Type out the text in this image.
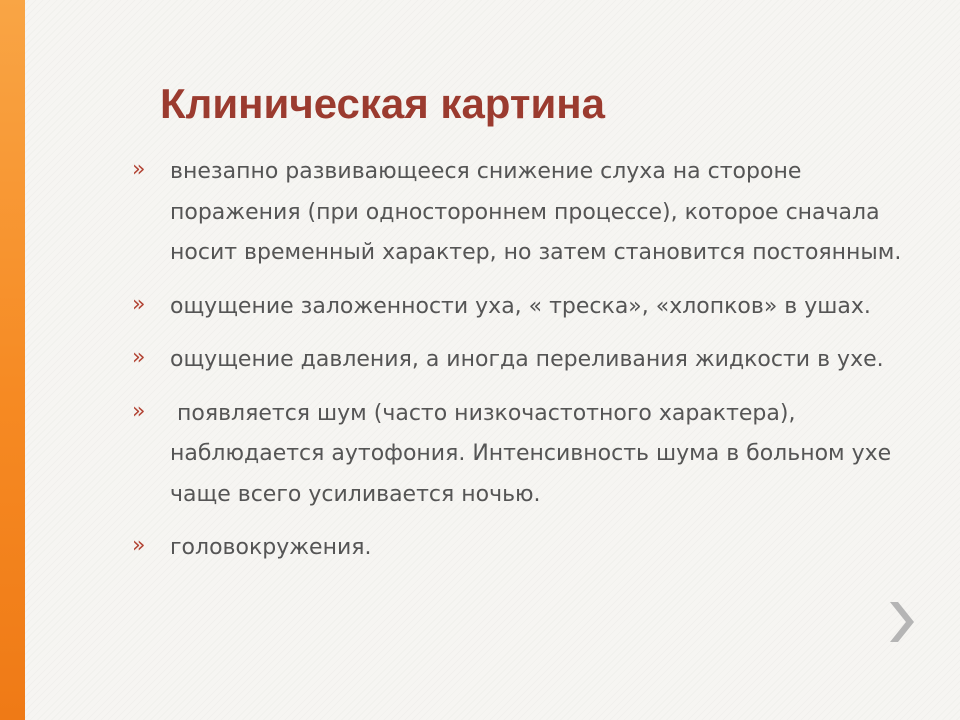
Клиническая картина
»	внезапно развивающееся снижение слуха на стороне поражения (при одностороннем процессе), которое сначала носит временный характер, но затем становится постоянным.
»	ощущение заложенности уха, « треска», «хлопков» в ушах.
»	ощущение давления, а иногда переливания жидкости в ухе.
»	появляется шум (часто низкочастотного характера), наблюдается аутофония. Интенсивность шума в больном ухе чаще всего усиливается ночью.
»	головокружения.
